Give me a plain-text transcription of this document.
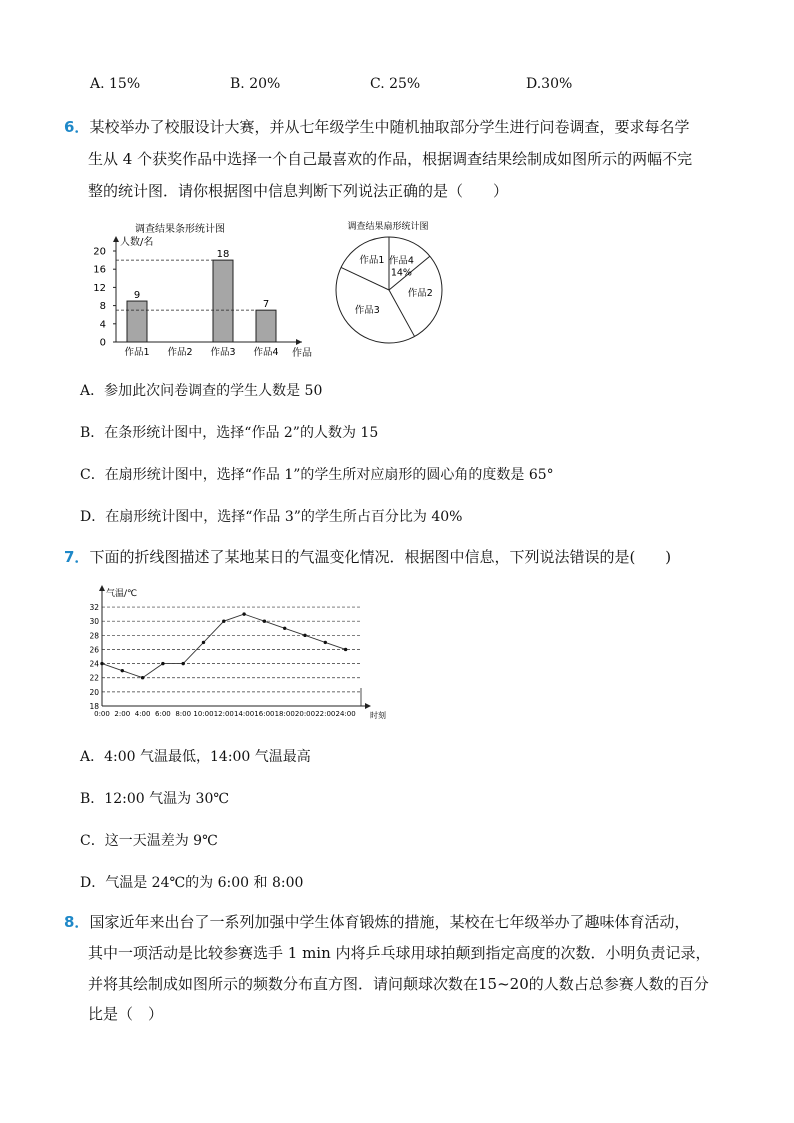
A. 15%	B. 20%	C. 25%	D.30%
6．某校举办了校服设计大赛，并从七年级学生中随机抽取部分学生进行问卷调查，要求每名学
生从 4 个获奖作品中选择一个自己最喜欢的作品，根据调查结果绘制成如图所示的两幅不完
整的统计图．请你根据图中信息判断下列说法正确的是（　　）
调查结果条形统计图
人数/名
作品
0
4
8
12
16
20
作品1
9
作品2 作品3
18
作品4
7
调查结果扇形统计图
作品1 作品4
14%
作品2
作品3
A．参加此次问卷调查的学生人数是 50
B．在条形统计图中，选择“作品 2”的人数为 15
C．在扇形统计图中，选择“作品 1”的学生所对应扇形的圆心角的度数是 65°
D．在扇形统计图中，选择“作品 3”的学生所占百分比为 40%
7．下面的折线图描述了某地某日的气温变化情况．根据图中信息，下列说法错误的是(　　)
气温/℃
18
20
22
24
26
28
30
32
时刻
0:00 2:00 4:00 6:00 8:00 10:00 12:00 14:00 16:00 18:00 20:00 22:00 24:00
A．4:00 气温最低，14:00 气温最高
B．12:00 气温为 30℃
C．这一天温差为 9℃
D．气温是 24℃的为 6:00 和 8:00
8．国家近年来出台了一系列加强中学生体育锻炼的措施，某校在七年级举办了趣味体育活动，
其中一项活动是比较参赛选手 1 min 内将乒乓球用球拍颠到指定高度的次数．小明负责记录，
并将其绘制成如图所示的频数分布直方图．请问颠球次数在15~20的人数占总参赛人数的百分
比是（　）
